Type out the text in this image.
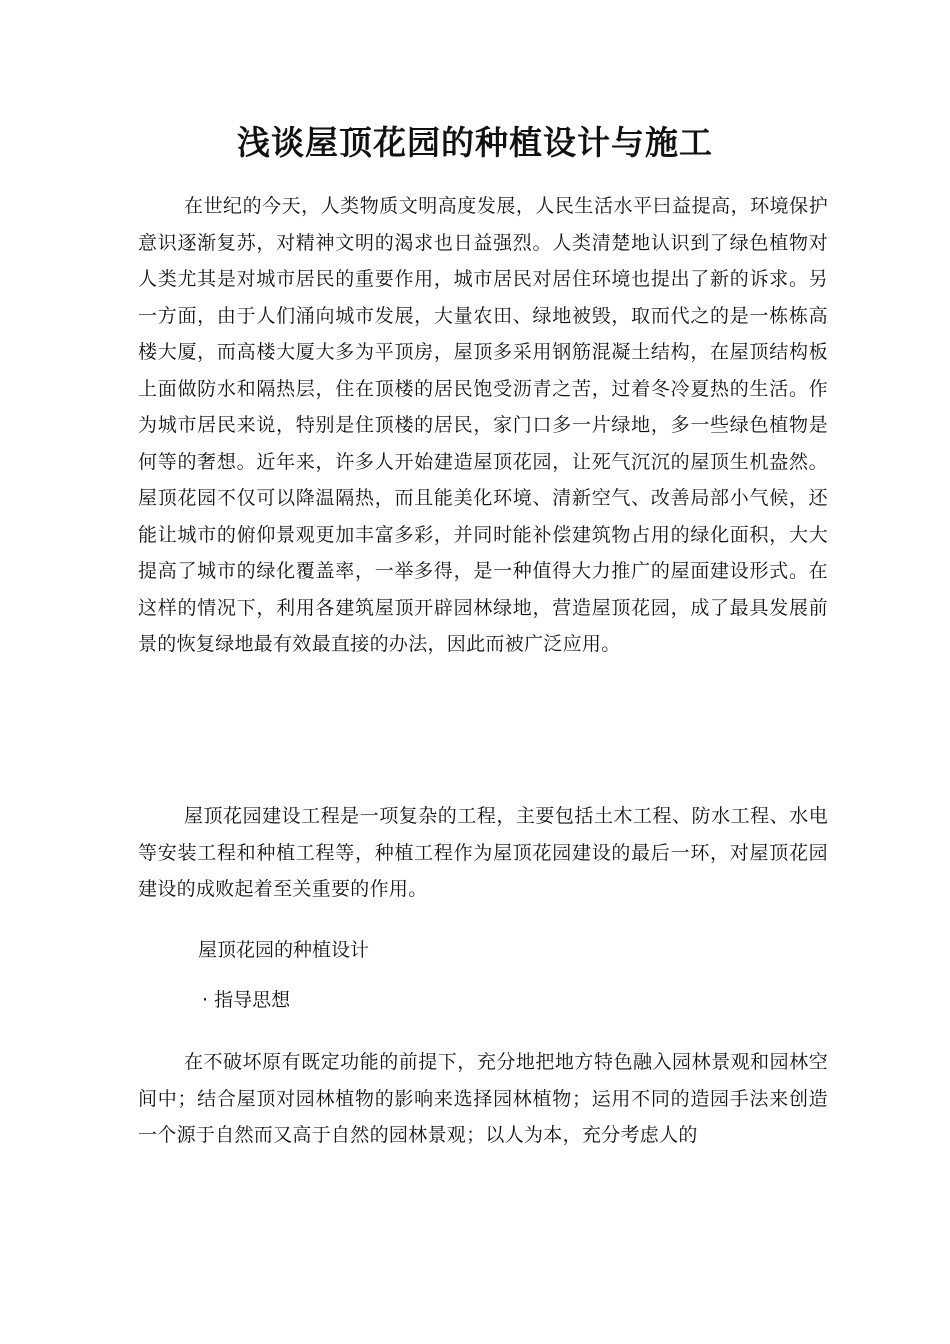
浅谈屋顶花园的种植设计与施工

在世纪的今天，人类物质文明高度发展，人民生活水平曰益提高，环境保护意识逐渐复苏，对精神文明的渴求也日益强烈。人类清楚地认识到了绿色植物对人类尤其是对城市居民的重要作用，城市居民对居住环境也提出了新的诉求。另一方面，由于人们涌向城市发展，大量农田、绿地被毁，取而代之的是一栋栋高楼大厦，而高楼大厦大多为平顶房，屋顶多采用钢筋混凝土结构，在屋顶结构板上面做防水和隔热层，住在顶楼的居民饱受沥青之苦，过着冬冷夏热的生活。作为城市居民来说，特别是住顶楼的居民，家门口多一片绿地，多一些绿色植物是何等的奢想。近年来，许多人开始建造屋顶花园，让死气沉沉的屋顶生机盎然。屋顶花园不仅可以降温隔热，而且能美化环境、清新空气、改善局部小气候，还能让城市的俯仰景观更加丰富多彩，并同时能补偿建筑物占用的绿化面积，大大提高了城市的绿化覆盖率，一举多得，是一种值得大力推广的屋面建设形式。在这样的情况下，利用各建筑屋顶开辟园林绿地，营造屋顶花园，成了最具发展前景的恢复绿地最有效最直接的办法，因此而被广泛应用。

屋顶花园建设工程是一项复杂的工程，主要包括土木工程、防水工程、水电等安装工程和种植工程等，种植工程作为屋顶花园建设的最后一环，对屋顶花园建设的成败起着至关重要的作用。

屋顶花园的种植设计
· 指导思想

在不破坏原有既定功能的前提下，充分地把地方特色融入园林景观和园林空间中；结合屋顶对园林植物的影响来选择园林植物；运用不同的造园手法来创造一个源于自然而又高于自然的园林景观；以人为本，充分考虑人的
